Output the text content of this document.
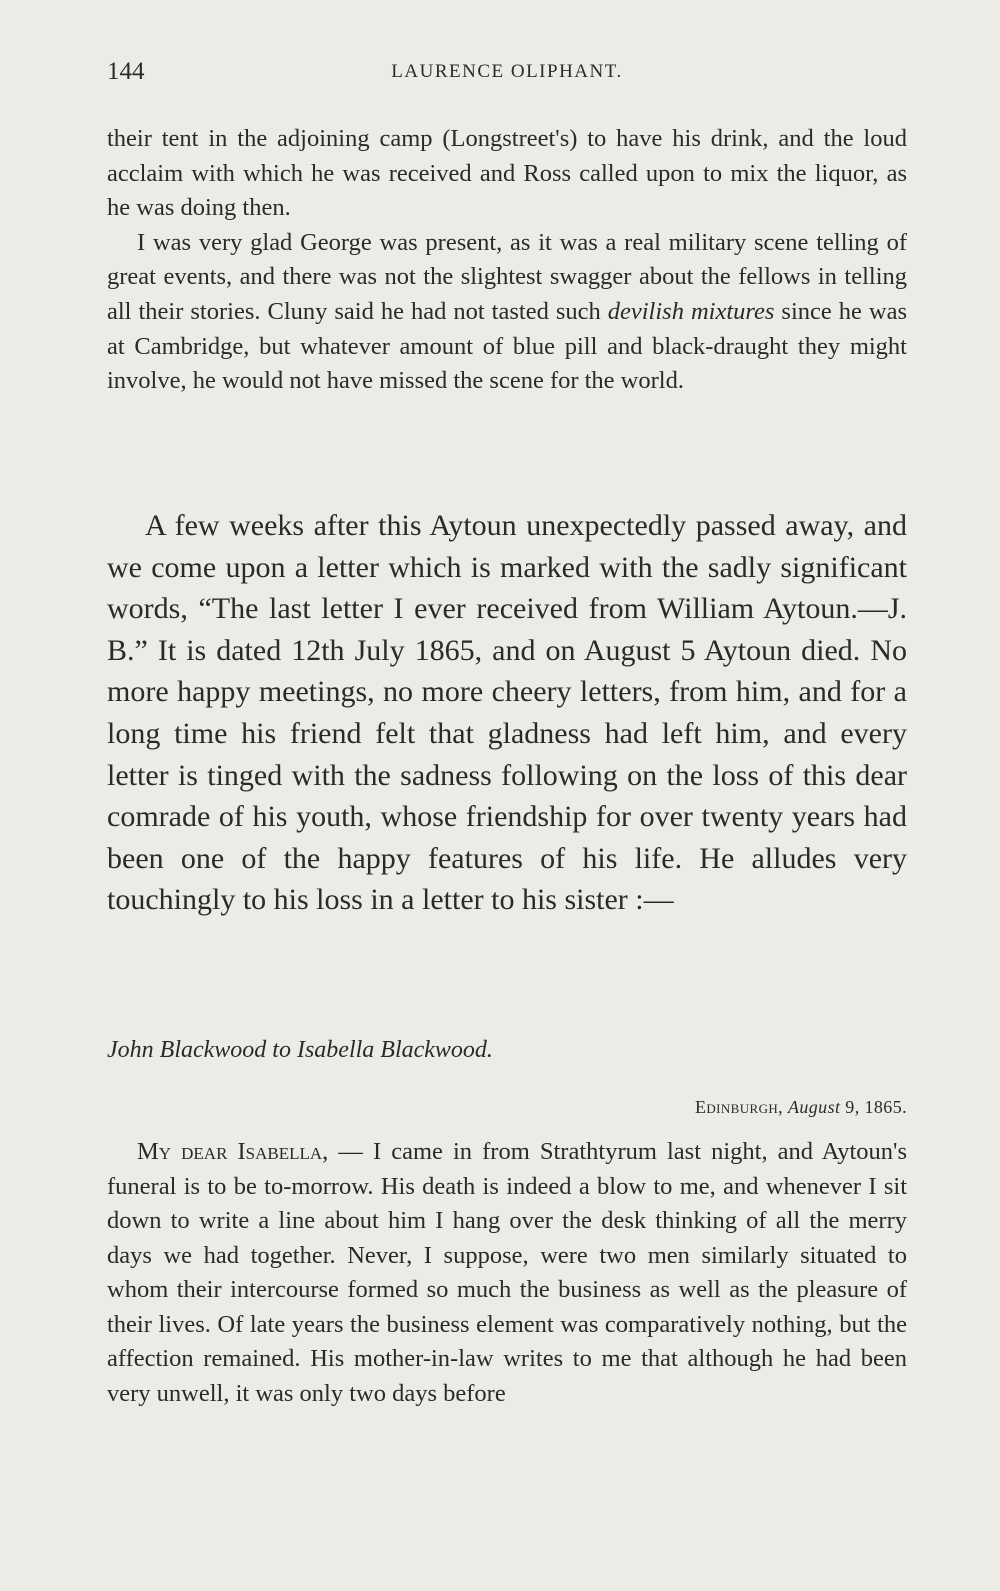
144	LAURENCE OLIPHANT.

their tent in the adjoining camp (Longstreet's) to have his drink, and the loud acclaim with which he was received and Ross called upon to mix the liquor, as he was doing then.

I was very glad George was present, as it was a real military scene telling of great events, and there was not the slightest swagger about the fellows in telling all their stories. Cluny said he had not tasted such devilish mixtures since he was at Cambridge, but whatever amount of blue pill and black-draught they might involve, he would not have missed the scene for the world.

A few weeks after this Aytoun unexpectedly passed away, and we come upon a letter which is marked with the sadly significant words, “The last letter I ever received from William Aytoun.—J. B.” It is dated 12th July 1865, and on August 5 Aytoun died. No more happy meetings, no more cheery letters, from him, and for a long time his friend felt that gladness had left him, and every letter is tinged with the sadness following on the loss of this dear comrade of his youth, whose friendship for over twenty years had been one of the happy features of his life. He alludes very touchingly to his loss in a letter to his sister :—

John Blackwood to Isabella Blackwood.
Edinburgh, August 9, 1865.

My dear Isabella, — I came in from Strathtyrum last night, and Aytoun's funeral is to be to-morrow. His death is indeed a blow to me, and whenever I sit down to write a line about him I hang over the desk thinking of all the merry days we had together. Never, I suppose, were two men similarly situated to whom their intercourse formed so much the business as well as the pleasure of their lives. Of late years the business element was comparatively nothing, but the affection remained. His mother-in-law writes to me that although he had been very unwell, it was only two days before
